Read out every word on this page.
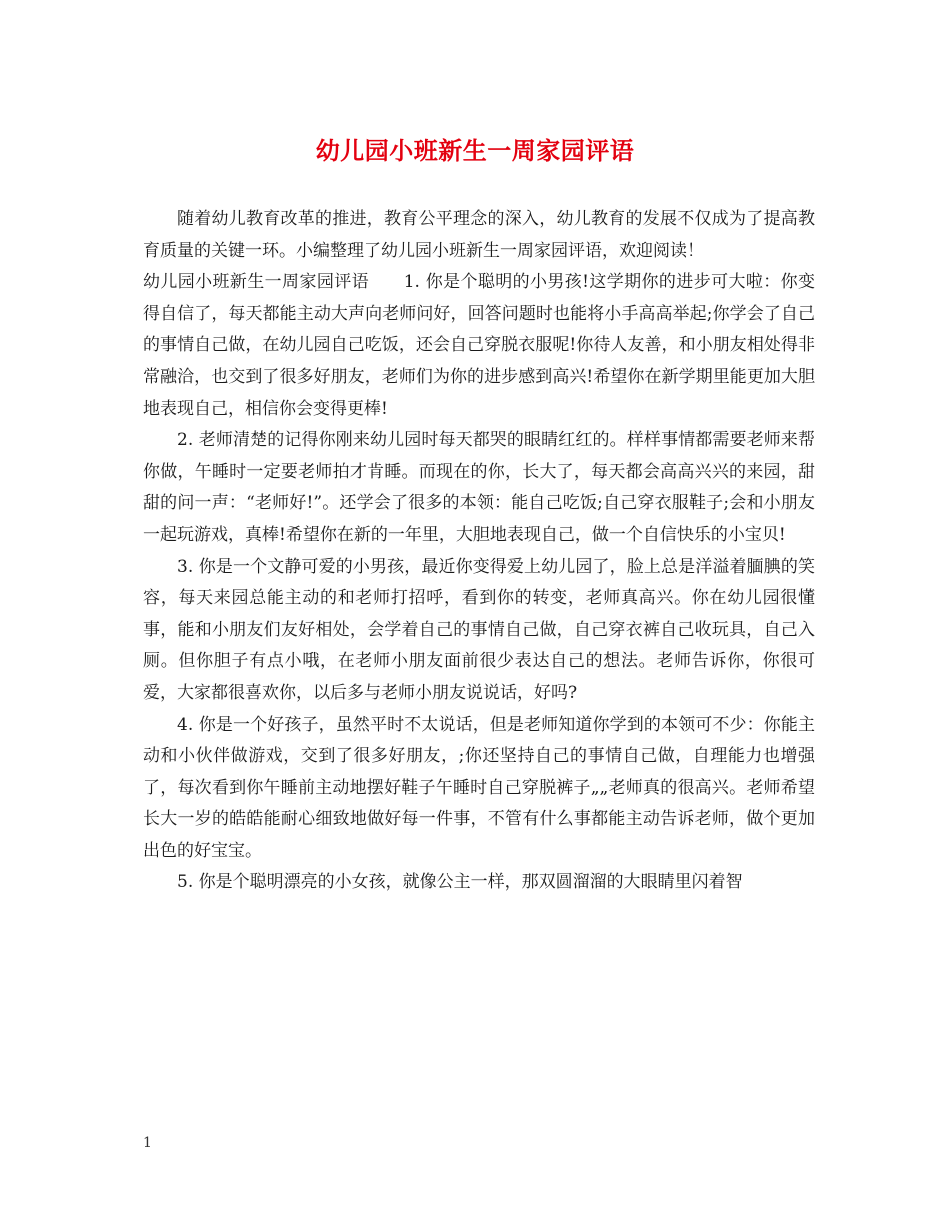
幼儿园小班新生一周家园评语

随着幼儿教育改革的推进，教育公平理念的深入，幼儿教育的发展不仅成为了提高教育质量的关键一环。小编整理了幼儿园小班新生一周家园评语，欢迎阅读！

幼儿园小班新生一周家园评语　　1. 你是个聪明的小男孩!这学期你的进步可大啦：你变得自信了，每天都能主动大声向老师问好，回答问题时也能将小手高高举起;你学会了自己的事情自己做，在幼儿园自己吃饭，还会自己穿脱衣服呢!你待人友善，和小朋友相处得非常融洽，也交到了很多好朋友，老师们为你的进步感到高兴!希望你在新学期里能更加大胆地表现自己，相信你会变得更棒!

2. 老师清楚的记得你刚来幼儿园时每天都哭的眼睛红红的。样样事情都需要老师来帮你做，午睡时一定要老师拍才肯睡。而现在的你，长大了，每天都会高高兴兴的来园，甜甜的问一声：“老师好!”。还学会了很多的本领：能自己吃饭;自己穿衣服鞋子;会和小朋友一起玩游戏，真棒!希望你在新的一年里，大胆地表现自己，做一个自信快乐的小宝贝!

3. 你是一个文静可爱的小男孩，最近你变得爱上幼儿园了，脸上总是洋溢着腼腆的笑容，每天来园总能主动的和老师打招呼，看到你的转变，老师真高兴。你在幼儿园很懂事，能和小朋友们友好相处，会学着自己的事情自己做，自己穿衣裤自己收玩具，自己入厕。但你胆子有点小哦，在老师小朋友面前很少表达自己的想法。老师告诉你，你很可爱，大家都很喜欢你，以后多与老师小朋友说说话，好吗?

4. 你是一个好孩子，虽然平时不太说话，但是老师知道你学到的本领可不少：你能主动和小伙伴做游戏，交到了很多好朋友，;你还坚持自己的事情自己做，自理能力也增强了，每次看到你午睡前主动地摆好鞋子午睡时自己穿脱裤子„„老师真的很高兴。老师希望长大一岁的皓皓能耐心细致地做好每一件事，不管有什么事都能主动告诉老师，做个更加出色的好宝宝。

5. 你是个聪明漂亮的小女孩，就像公主一样，那双圆溜溜的大眼睛里闪着智

1
